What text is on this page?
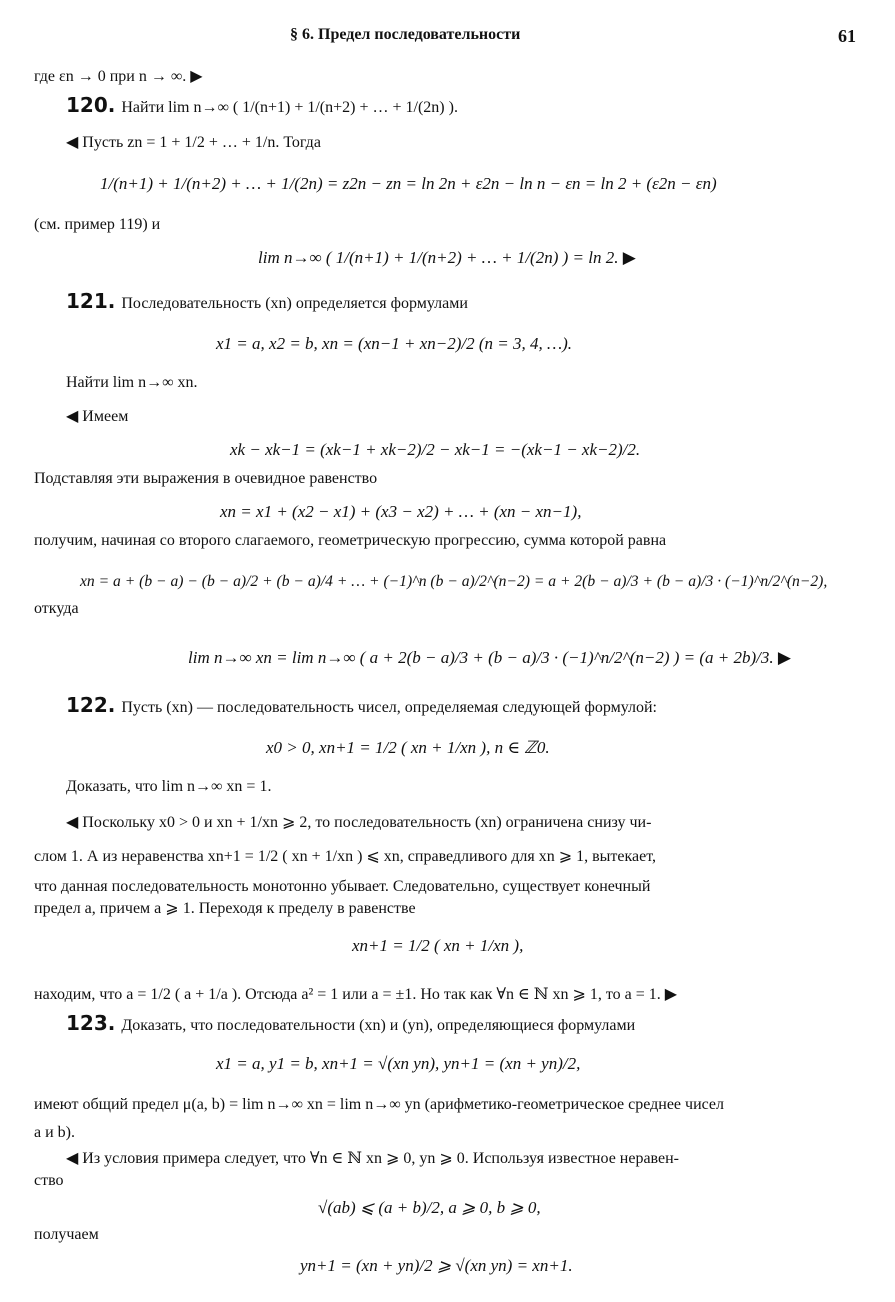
§ 6. Предел последовательности	61
где εn → 0 при n → ∞. ▶
120. Найти lim n→∞ ( 1/(n+1) + 1/(n+2) + … + 1/(2n) ).
◀ Пусть zn = 1 + 1/2 + … + 1/n. Тогда
1/(n+1) + 1/(n+2) + … + 1/(2n) = z2n − zn = ln 2n + ε2n − ln n − εn = ln 2 + (ε2n − εn)
(см. пример 119) и
lim n→∞ ( 1/(n+1) + 1/(n+2) + … + 1/(2n) ) = ln 2. ▶
121. Последовательность (xn) определяется формулами
x1 = a, x2 = b, xn = (xn−1 + xn−2)/2 (n = 3, 4, …).
Найти lim n→∞ xn.
◀ Имеем
xk − xk−1 = (xk−1 + xk−2)/2 − xk−1 = −(xk−1 − xk−2)/2.
Подставляя эти выражения в очевидное равенство
xn = x1 + (x2 − x1) + (x3 − x2) + … + (xn − xn−1),
получим, начиная со второго слагаемого, геометрическую прогрессию, сумма которой равна
xn = a + (b − a) − (b − a)/2 + (b − a)/4 + … + (−1)^n (b − a)/2^(n−2) = a + 2(b − a)/3 + (b − a)/3 · (−1)^n/2^(n−2),
откуда
lim n→∞ xn = lim n→∞ ( a + 2(b − a)/3 + (b − a)/3 · (−1)^n/2^(n−2) ) = (a + 2b)/3. ▶
122. Пусть (xn) — последовательность чисел, определяемая следующей формулой:
x0 > 0, xn+1 = 1/2 ( xn + 1/xn ), n ∈ ℤ0.
Доказать, что lim n→∞ xn = 1.
◀ Поскольку x0 > 0 и xn + 1/xn ⩾ 2, то последовательность (xn) ограничена снизу чи-
слом 1. А из неравенства xn+1 = 1/2 ( xn + 1/xn ) ⩽ xn, справедливого для xn ⩾ 1, вытекает,
что данная последовательность монотонно убывает. Следовательно, существует конечный
предел a, причем a ⩾ 1. Переходя к пределу в равенстве
xn+1 = 1/2 ( xn + 1/xn ),
находим, что a = 1/2 ( a + 1/a ). Отсюда a² = 1 или a = ±1. Но так как ∀n ∈ ℕ xn ⩾ 1, то a = 1. ▶
123. Доказать, что последовательности (xn) и (yn), определяющиеся формулами
x1 = a, y1 = b, xn+1 = √(xn yn), yn+1 = (xn + yn)/2,
имеют общий предел μ(a, b) = lim n→∞ xn = lim n→∞ yn (арифметико-геометрическое среднее чисел
a и b).
◀ Из условия примера следует, что ∀n ∈ ℕ xn ⩾ 0, yn ⩾ 0. Используя известное неравен-
ство
√(ab) ⩽ (a + b)/2, a ⩾ 0, b ⩾ 0,
получаем
yn+1 = (xn + yn)/2 ⩾ √(xn yn) = xn+1.
